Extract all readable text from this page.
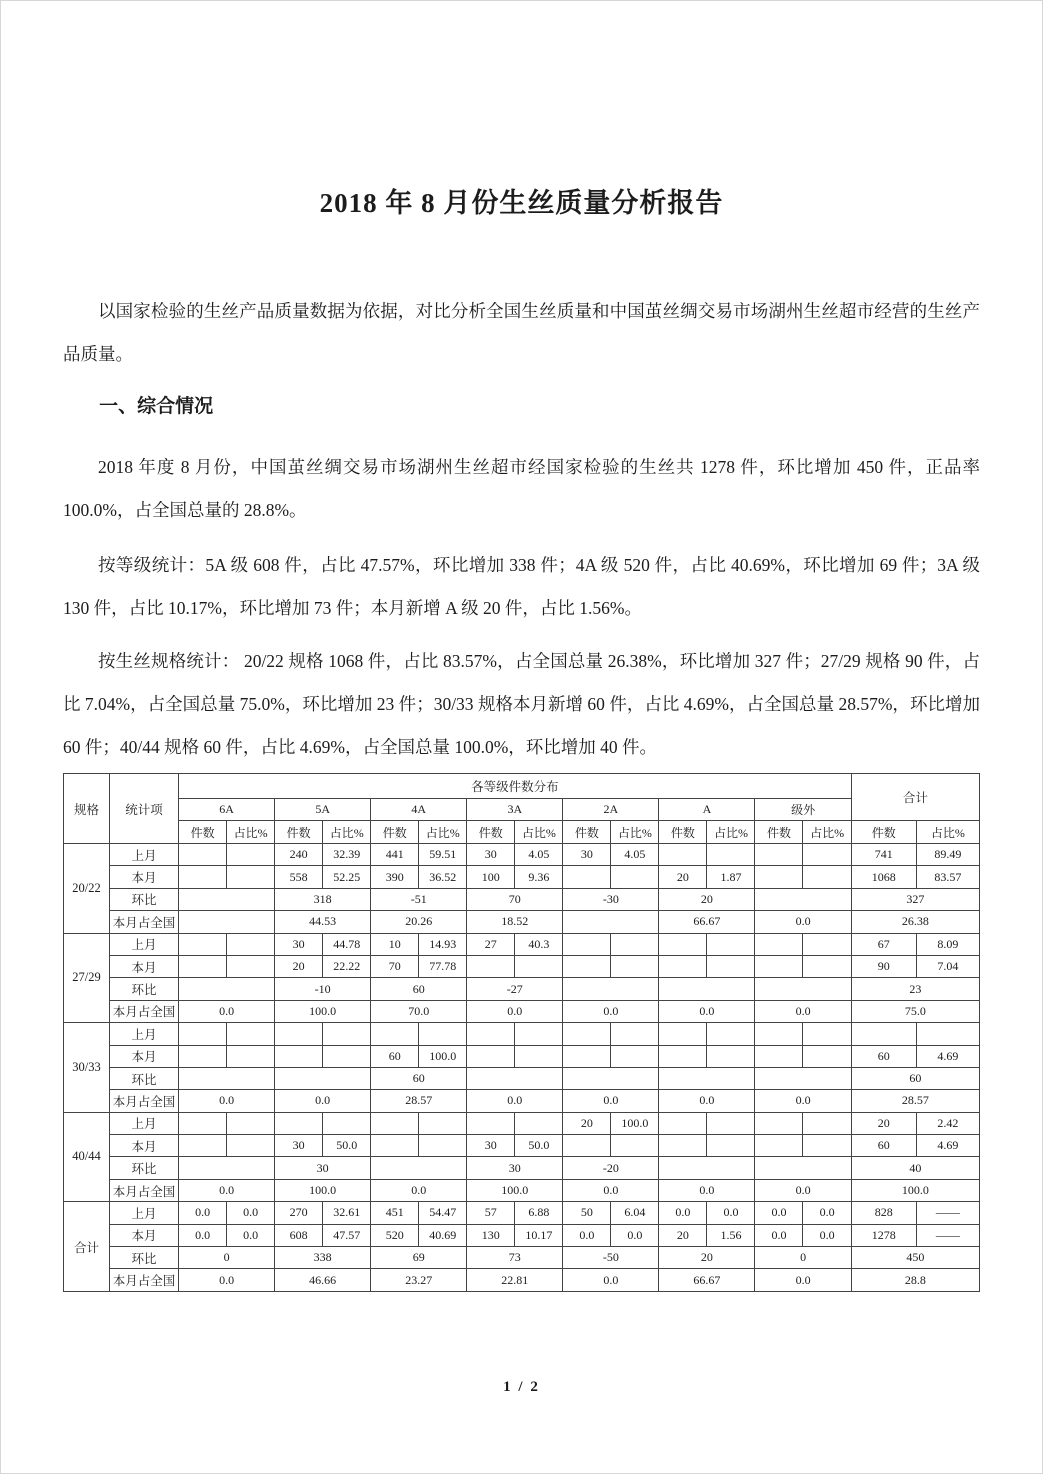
2018 年 8 月份生丝质量分析报告

以国家检验的生丝产品质量数据为依据，对比分析全国生丝质量和中国茧丝绸交易市场湖州生丝超市经营的生丝产品质量。

一、综合情况

2018 年度 8 月份，中国茧丝绸交易市场湖州生丝超市经国家检验的生丝共 1278 件，环比增加 450 件，正品率 100.0%，占全国总量的 28.8%。

按等级统计：5A 级 608 件，占比 47.57%，环比增加 338 件；4A 级 520 件，占比 40.69%，环比增加 69 件；3A 级 130 件，占比 10.17%，环比增加 73 件；本月新增 A 级 20 件，占比 1.56%。

按生丝规格统计： 20/22 规格 1068 件，占比 83.57%，占全国总量 26.38%，环比增加 327 件；27/29 规格 90 件，占比 7.04%，占全国总量 75.0%，环比增加 23 件；30/33 规格本月新增 60 件，占比 4.69%，占全国总量 28.57%，环比增加 60 件；40/44 规格 60 件，占比 4.69%，占全国总量 100.0%，环比增加 40 件。

规格	统计项	各等级件数分布														合计	
		6A		5A		4A		3A		2A		A		级外			
		件数	占比%	件数	占比%	件数	占比%	件数	占比%	件数	占比%	件数	占比%	件数	占比%	件数	占比%
20/22	上月			240	32.39	441	59.51	30	4.05	30	4.05					741	89.49
	本月			558	52.25	390	36.52	100	9.36			20	1.87			1068	83.57
	环比			318		-51		70		-30		20				327	
	本月占全国			44.53		20.26		18.52				66.67		0.0		26.38	
27/29	上月			30	44.78	10	14.93	27	40.3							67	8.09
	本月			20	22.22	70	77.78									90	7.04
	环比			-10		60		-27								23	
	本月占全国	0.0		100.0		70.0		0.0		0.0		0.0		0.0		75.0	
30/33	上月																
	本月					60	100.0									60	4.69
	环比					60										60	
	本月占全国	0.0		0.0		28.57		0.0		0.0		0.0		0.0		28.57	
40/44	上月									20	100.0					20	2.42
	本月			30	50.0			30	50.0							60	4.69
	环比			30				30		-20						40	
	本月占全国	0.0		100.0		0.0		100.0		0.0		0.0		0.0		100.0	
合计	上月	0.0	0.0	270	32.61	451	54.47	57	6.88	50	6.04	0.0	0.0	0.0	0.0	828	——
	本月	0.0	0.0	608	47.57	520	40.69	130	10.17	0.0	0.0	20	1.56	0.0	0.0	1278	——
	环比	0		338		69		73		-50		20		0		450	
	本月占全国	0.0		46.66		23.27		22.81		0.0		66.67		0.0		28.8	
1 / 2
